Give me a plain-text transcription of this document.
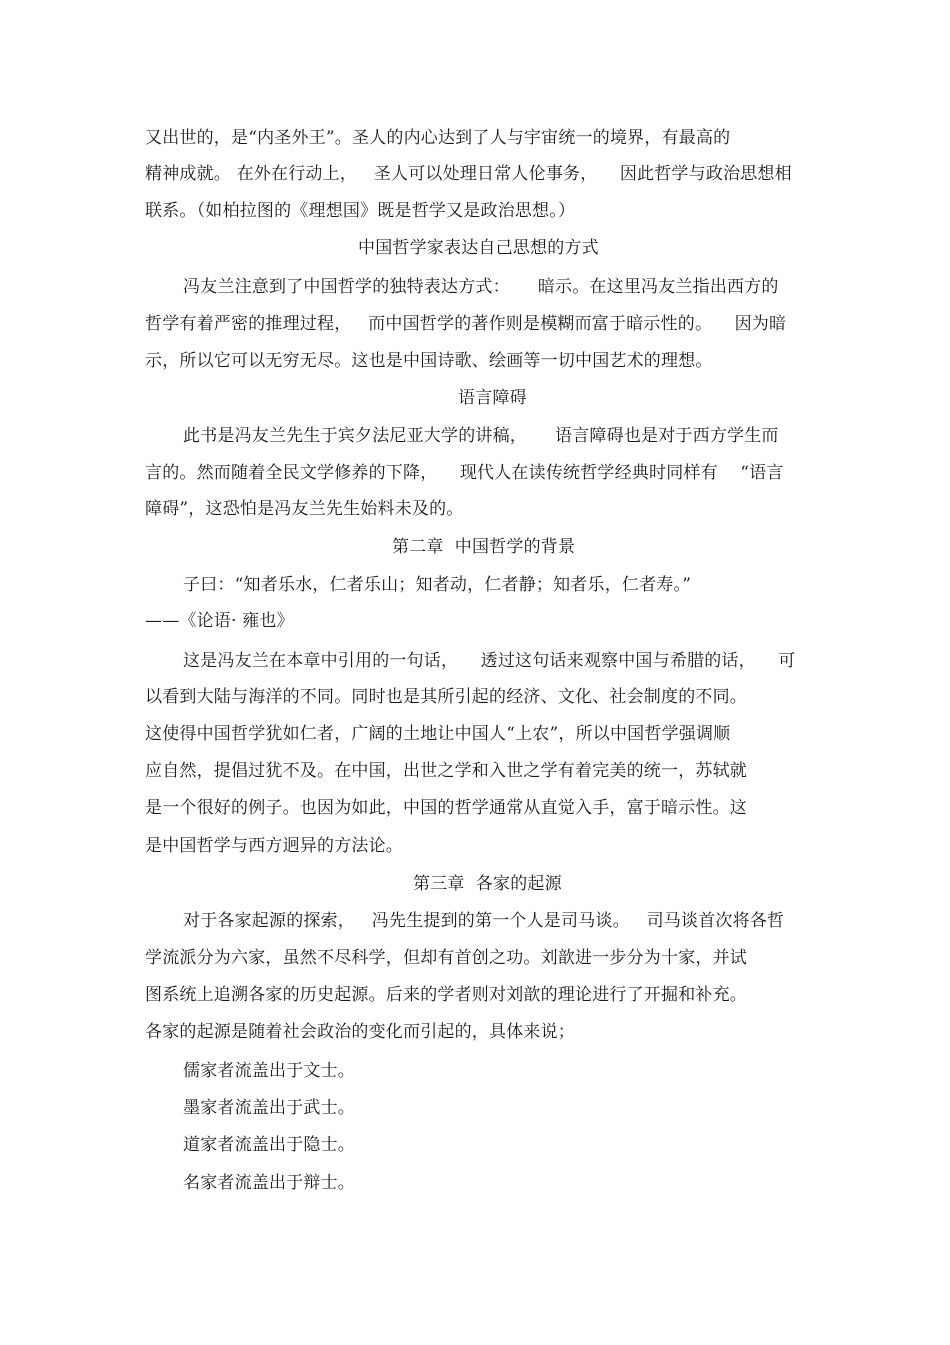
又出世的，是“内圣外王”。圣人的内心达到了人与宇宙统一的境界，有最高的
精神成就。 在外在行动上，   圣人可以处理日常人伦事务，    因此哲学与政治思想相
联系。（如柏拉图的《理想国》既是哲学又是政治思想。）
中国哲学家表达自己思想的方式
冯友兰注意到了中国哲学的独特表达方式：     暗示。在这里冯友兰指出西方的
哲学有着严密的推理过程，   而中国哲学的著作则是模糊而富于暗示性的。    因为暗
示，所以它可以无穷无尽。这也是中国诗歌、绘画等一切中国艺术的理想。
语言障碍
此书是冯友兰先生于宾夕法尼亚大学的讲稿，     语言障碍也是对于西方学生而
言的。然而随着全民文学修养的下降，    现代人在读传统哲学经典时同样有    “语言
障碍”，这恐怕是冯友兰先生始料未及的。
第二章  中国哲学的背景
子曰：“知者乐水，仁者乐山；知者动，仁者静；知者乐，仁者寿。”
——《论语· 雍也》
这是冯友兰在本章中引用的一句话，    透过这句话来观察中国与希腊的话，    可
以看到大陆与海洋的不同。同时也是其所引起的经济、文化、社会制度的不同。
这使得中国哲学犹如仁者，广阔的土地让中国人“上农”，所以中国哲学强调顺
应自然，提倡过犹不及。在中国，出世之学和入世之学有着完美的统一，苏轼就
是一个很好的例子。也因为如此，中国的哲学通常从直觉入手，富于暗示性。这
是中国哲学与西方迥异的方法论。
第三章  各家的起源
对于各家起源的探索，   冯先生提到的第一个人是司马谈。   司马谈首次将各哲
学流派分为六家，虽然不尽科学，但却有首创之功。刘歆进一步分为十家，并试
图系统上追溯各家的历史起源。后来的学者则对刘歆的理论进行了开掘和补充。
各家的起源是随着社会政治的变化而引起的，具体来说；
儒家者流盖出于文士。
墨家者流盖出于武士。
道家者流盖出于隐士。
名家者流盖出于辩士。
